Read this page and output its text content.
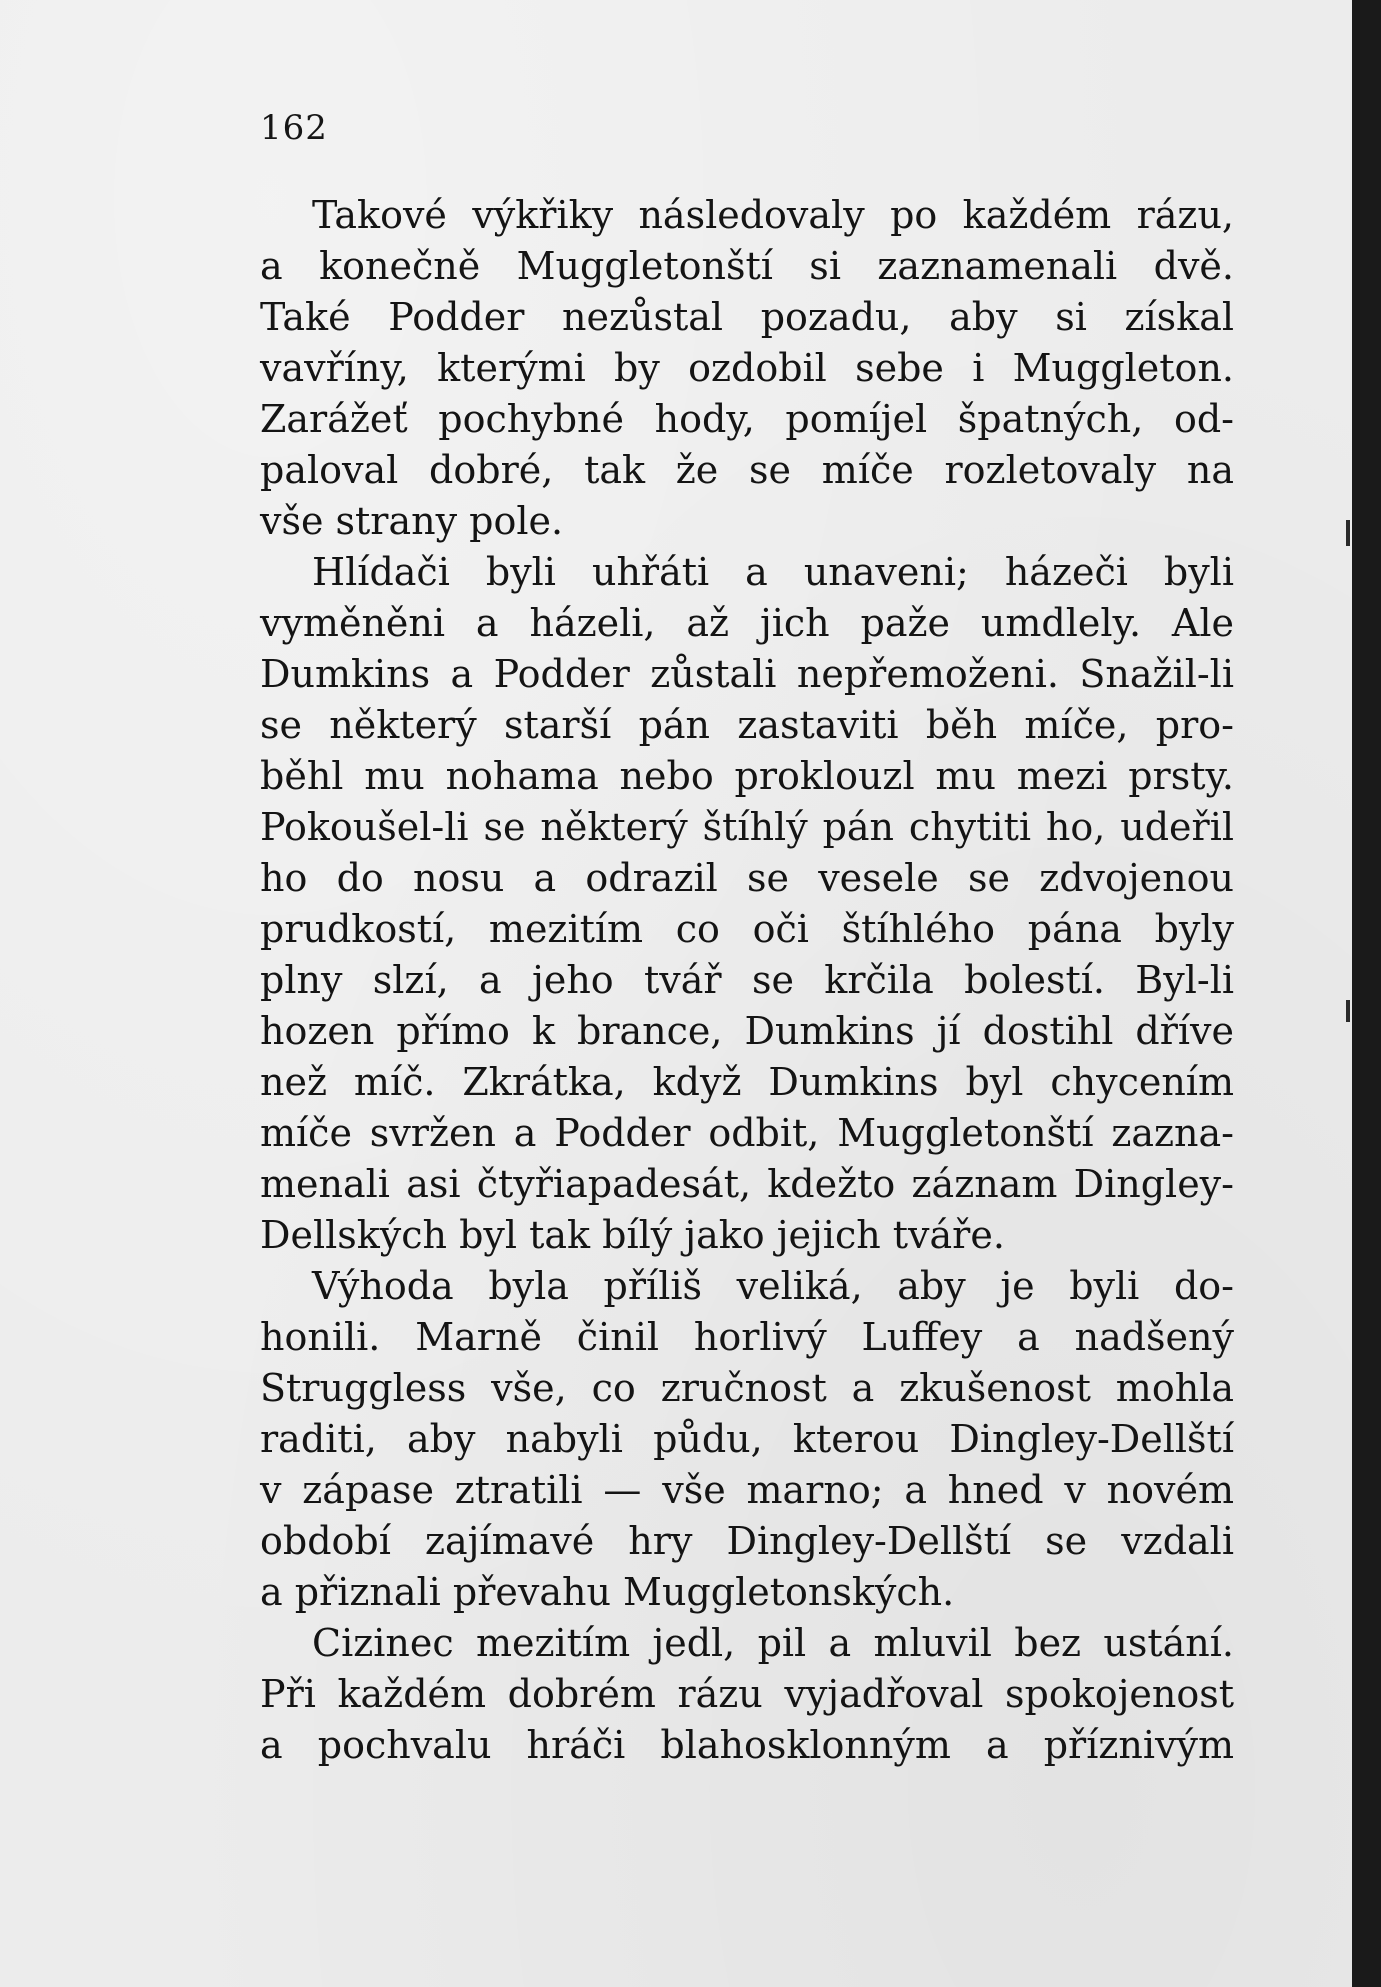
162

Takové výkřiky následovaly po každém rázu,
a konečně Muggletonští si zaznamenali dvě.
Také Podder nezůstal pozadu, aby si získal
vavříny, kterými by ozdobil sebe i Muggleton.
Zarážeť pochybné hody, pomíjel špatných, od-
paloval dobré, tak že se míče rozletovaly na
vše strany pole.

Hlídači byli uhřáti a unaveni; házeči byli
vyměněni a házeli, až jich paže umdlely. Ale
Dumkins a Podder zůstali nepřemoženi. Snažil-li
se některý starší pán zastaviti běh míče, pro-
běhl mu nohama nebo proklouzl mu mezi prsty.
Pokoušel-li se některý štíhlý pán chytiti ho, udeřil
ho do nosu a odrazil se vesele se zdvojenou
prudkostí, mezitím co oči štíhlého pána byly
plny slzí, a jeho tvář se krčila bolestí. Byl-li
hozen přímo k brance, Dumkins jí dostihl dříve
než míč. Zkrátka, když Dumkins byl chycením
míče svržen a Podder odbit, Muggletonští zazna-
menali asi čtyřiapadesát, kdežto záznam Dingley-
Dellských byl tak bílý jako jejich tváře.

Výhoda byla příliš veliká, aby je byli do-
honili. Marně činil horlivý Luffey a nadšený
Struggless vše, co zručnost a zkušenost mohla
raditi, aby nabyli půdu, kterou Dingley-Dellští
v zápase ztratili — vše marno; a hned v novém
období zajímavé hry Dingley-Dellští se vzdali
a přiznali převahu Muggletonských.

Cizinec mezitím jedl, pil a mluvil bez ustání.
Při každém dobrém rázu vyjadřoval spokojenost
a pochvalu hráči blahosklonným a příznivým
